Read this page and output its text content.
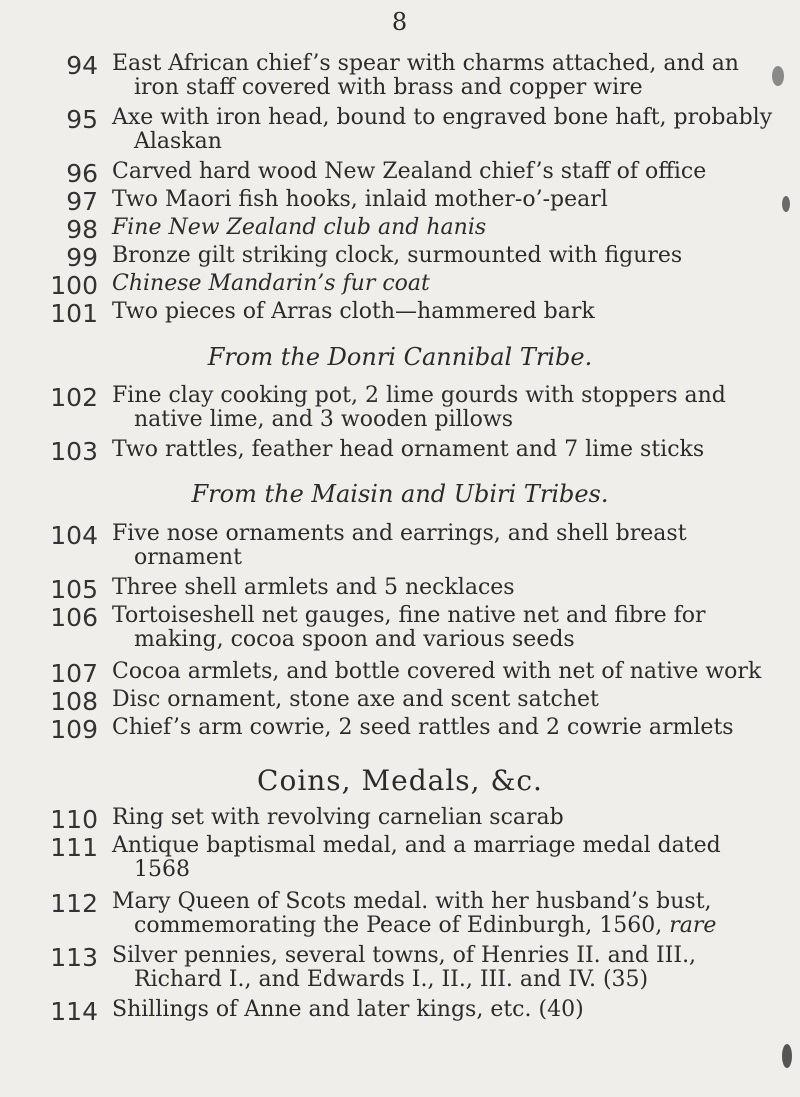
8
94 East African chief’s spear with charms attached, and an
iron staff covered with brass and copper wire
95 Axe with iron head, bound to engraved bone haft, probably
Alaskan
96 Carved hard wood New Zealand chief’s staff of office
97 Two Maori fish hooks, inlaid mother-o’-pearl
98 Fine New Zealand club and hanis
99 Bronze gilt striking clock, surmounted with figures
100 Chinese Mandarin’s fur coat
101 Two pieces of Arras cloth—hammered bark
From the Donri Cannibal Tribe.
102 Fine clay cooking pot, 2 lime gourds with stoppers and
native lime, and 3 wooden pillows
103 Two rattles, feather head ornament and 7 lime sticks
From the Maisin and Ubiri Tribes.
104 Five nose ornaments and earrings, and shell breast
ornament
105 Three shell armlets and 5 necklaces
106 Tortoiseshell net gauges, fine native net and fibre for
making, cocoa spoon and various seeds
107 Cocoa armlets, and bottle covered with net of native work
108 Disc ornament, stone axe and scent satchet
109 Chief’s arm cowrie, 2 seed rattles and 2 cowrie armlets
Coins, Medals, &c.
110 Ring set with revolving carnelian scarab
111 Antique baptismal medal, and a marriage medal dated
1568
112 Mary Queen of Scots medal. with her husband’s bust,
commemorating the Peace of Edinburgh, 1560, rare
113 Silver pennies, several towns, of Henries II. and III.,
Richard I., and Edwards I., II., III. and IV. (35)
114 Shillings of Anne and later kings, etc. (40)
